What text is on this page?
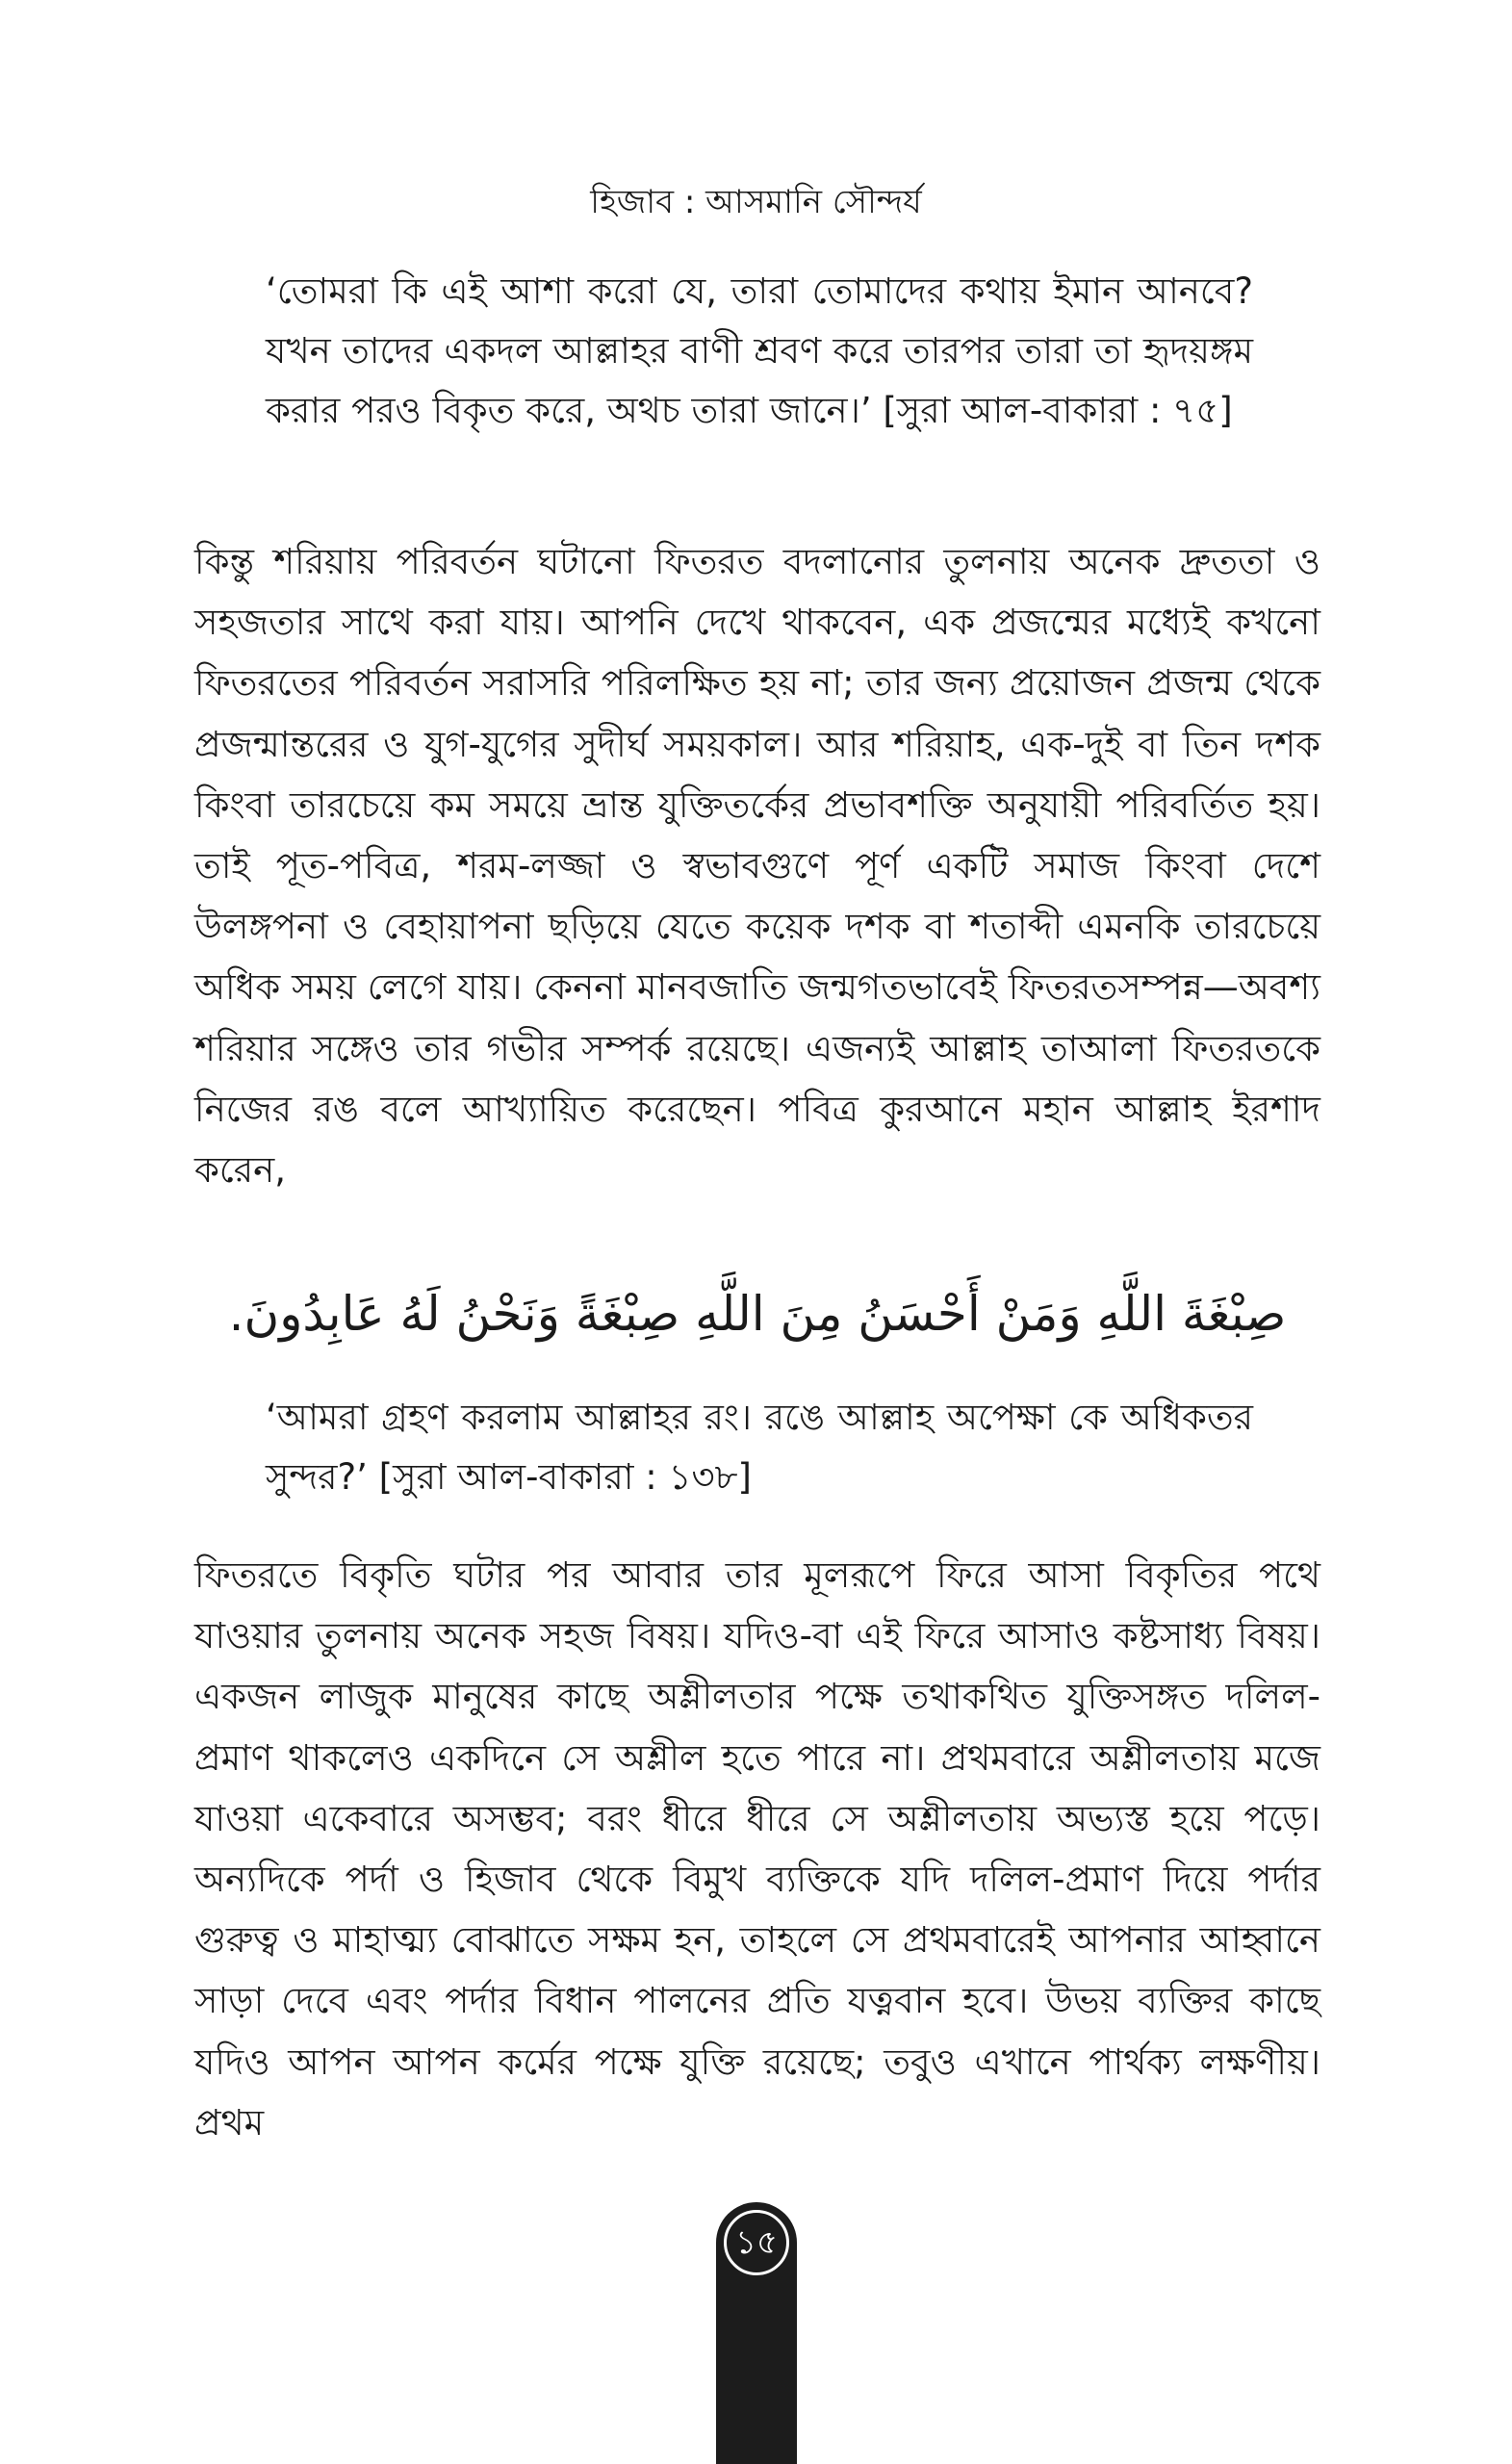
হিজাব : আসমানি সৌন্দর্য

‘তোমরা কি এই আশা করো যে, তারা তোমাদের কথায় ইমান আনবে? যখন তাদের একদল আল্লাহর বাণী শ্রবণ করে তারপর তারা তা হৃদয়ঙ্গম করার পরও বিকৃত করে, অথচ তারা জানে।’ [সুরা আল-বাকারা : ৭৫]

কিন্তু শরিয়ায় পরিবর্তন ঘটানো ফিতরত বদলানোর তুলনায় অনেক দ্রুততা ও সহজতার সাথে করা যায়। আপনি দেখে থাকবেন, এক প্রজন্মের মধ্যেই কখনো ফিতরতের পরিবর্তন সরাসরি পরিলক্ষিত হয় না; তার জন্য প্রয়োজন প্রজন্ম থেকে প্রজন্মান্তরের ও যুগ-যুগের সুদীর্ঘ সময়কাল। আর শরিয়াহ, এক-দুই বা তিন দশক কিংবা তারচেয়ে কম সময়ে ভ্রান্ত যুক্তিতর্কের প্রভাবশক্তি অনুযায়ী পরিবর্তিত হয়। তাই পূত-পবিত্র, শরম-লজ্জা ও স্বভাবগুণে পূর্ণ একটি সমাজ কিংবা দেশে উলঙ্গপনা ও বেহায়াপনা ছড়িয়ে যেতে কয়েক দশক বা শতাব্দী এমনকি তারচেয়ে অধিক সময় লেগে যায়। কেননা মানবজাতি জন্মগতভাবেই ফিতরতসম্পন্ন—অবশ্য শরিয়ার সঙ্গেও তার গভীর সম্পর্ক রয়েছে। এজন্যই আল্লাহ তাআলা ফিতরতকে নিজের রঙ বলে আখ্যায়িত করেছেন। পবিত্র কুরআনে মহান আল্লাহ ইরশাদ করেন,

صِبْغَةَ اللَّهِ وَمَنْ أَحْسَنُ مِنَ اللَّهِ صِبْغَةً وَنَحْنُ لَهُ عَابِدُونَ.

‘আমরা গ্রহণ করলাম আল্লাহর রং। রঙে আল্লাহ অপেক্ষা কে অধিকতর সুন্দর?’ [সুরা আল-বাকারা : ১৩৮]

ফিতরতে বিকৃতি ঘটার পর আবার তার মূলরূপে ফিরে আসা বিকৃতির পথে যাওয়ার তুলনায় অনেক সহজ বিষয়। যদিও-বা এই ফিরে আসাও কষ্টসাধ্য বিষয়। একজন লাজুক মানুষের কাছে অশ্লীলতার পক্ষে তথাকথিত যুক্তিসঙ্গত দলিল-প্রমাণ থাকলেও একদিনে সে অশ্লীল হতে পারে না। প্রথমবারে অশ্লীলতায় মজে যাওয়া একেবারে অসম্ভব; বরং ধীরে ধীরে সে অশ্লীলতায় অভ্যস্ত হয়ে পড়ে। অন্যদিকে পর্দা ও হিজাব থেকে বিমুখ ব্যক্তিকে যদি দলিল-প্রমাণ দিয়ে পর্দার গুরুত্ব ও মাহাত্ম্য বোঝাতে সক্ষম হন, তাহলে সে প্রথমবারেই আপনার আহ্বানে সাড়া দেবে এবং পর্দার বিধান পালনের প্রতি যত্নবান হবে। উভয় ব্যক্তির কাছে যদিও আপন আপন কর্মের পক্ষে যুক্তি রয়েছে; তবুও এখানে পার্থক্য লক্ষণীয়। প্রথম

১৫
